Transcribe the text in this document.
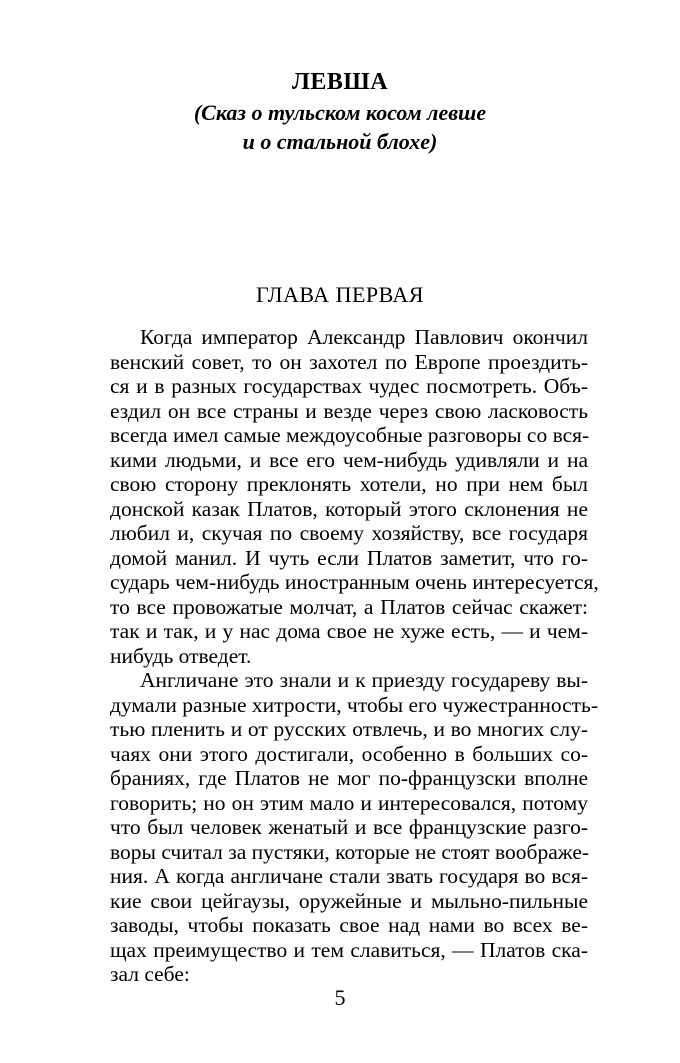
ЛЕВША
(Сказ о тульском косом левше
и о стальной блохе)
ГЛАВА ПЕРВАЯ
Когда император Александр Павлович окончил
венский совет, то он захотел по Европе проездить-
ся и в разных государствах чудес посмотреть. Объ-
ездил он все страны и везде через свою ласковость
всегда имел самые междоусобные разговоры со вся-
кими людьми, и все его чем-нибудь удивляли и на
свою сторону преклонять хотели, но при нем был
донской казак Платов, который этого склонения не
любил и, скучая по своему хозяйству, все государя
домой манил. И чуть если Платов заметит, что го-
сударь чем-нибудь иностранным очень интересуется,
то все провожатые молчат, а Платов сейчас скажет:
так и так, и у нас дома свое не хуже есть, — и чем-
нибудь отведет.
Англичане это знали и к приезду государеву вы-
думали разные хитрости, чтобы его чужестранность-
тью пленить и от русских отвлечь, и во многих слу-
чаях они этого достигали, особенно в больших со-
браниях, где Платов не мог по-французски вполне
говорить; но он этим мало и интересовался, потому
что был человек женатый и все французские разго-
воры считал за пустяки, которые не стоят воображе-
ния. А когда англичане стали звать государя во вся-
кие свои цейгаузы, оружейные и мыльно-пильные
заводы, чтобы показать свое над нами во всех ве-
щах преимущество и тем славиться, — Платов ска-
зал себе:
5
